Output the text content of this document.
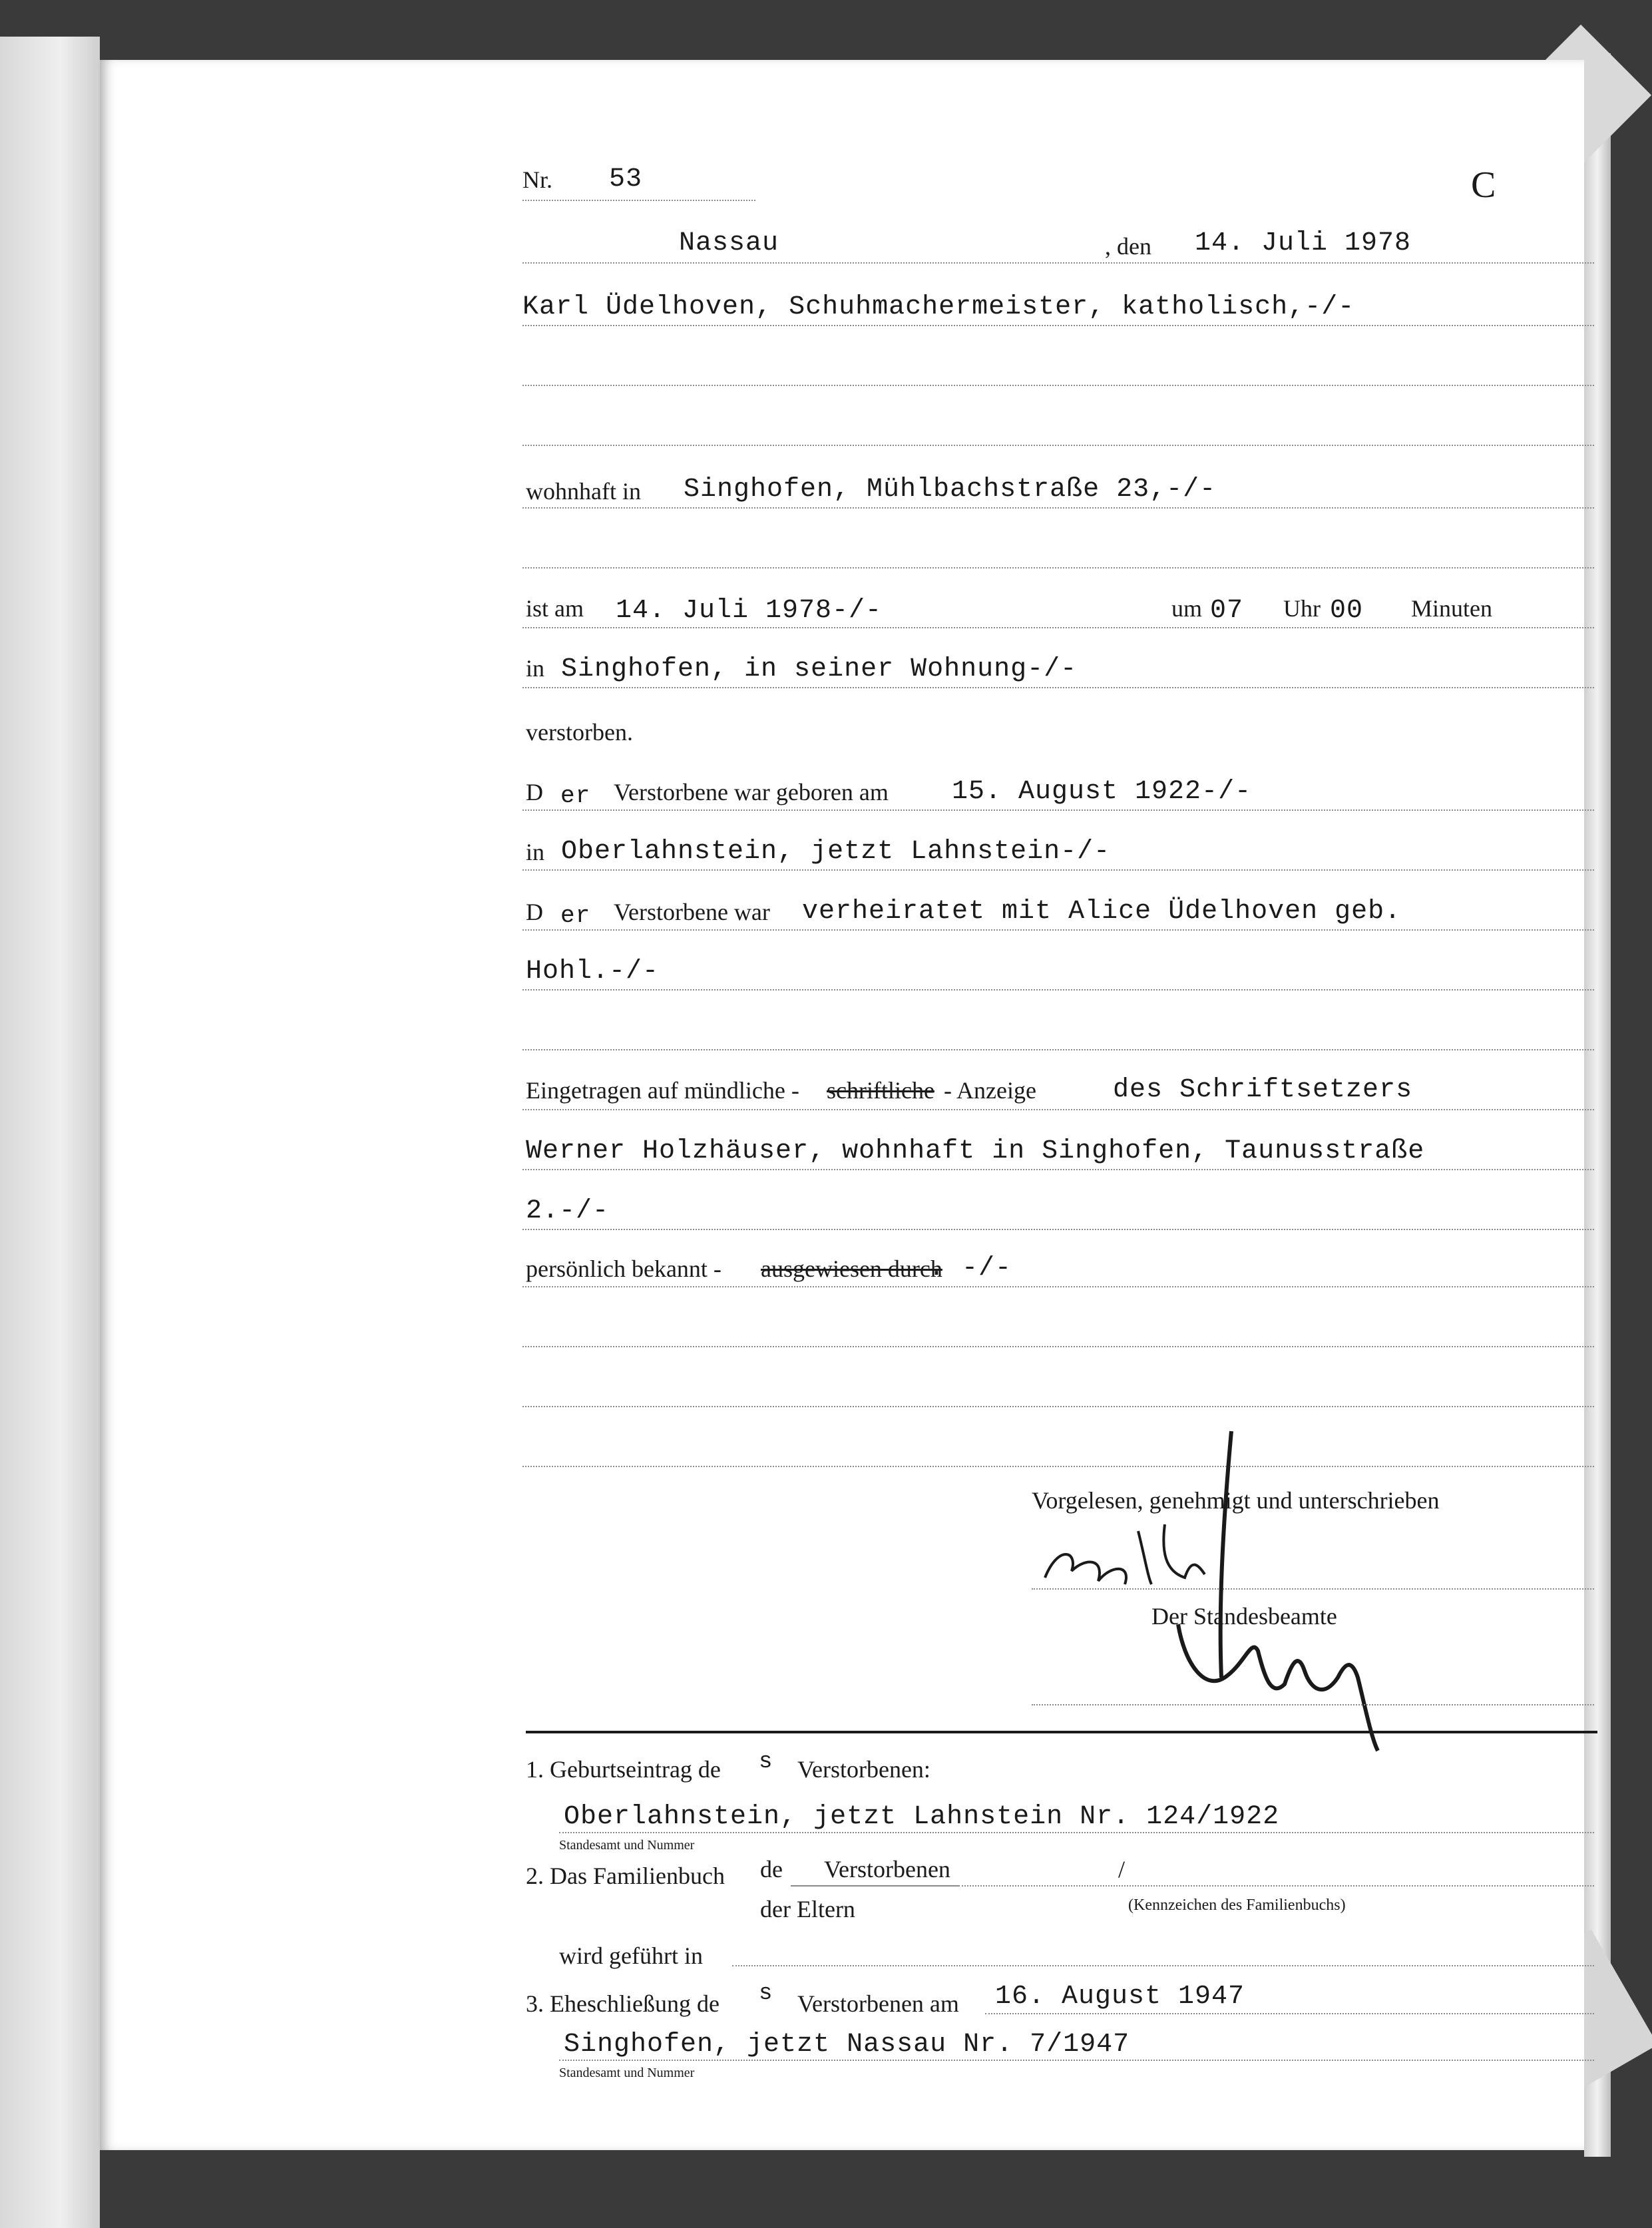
Nr. 53	C
Nassau	, den 14. Juli 1978
Karl Üdelhoven, Schuhmachermeister, katholisch,-/-
wohnhaft in Singhofen, Mühlbachstraße 23,-/-
ist am 14. Juli 1978-/-	um 07 Uhr 00 Minuten
in Singhofen, in seiner Wohnung-/-
verstorben.
D er Verstorbene war geboren am 15. August 1922-/-
in Oberlahnstein, jetzt Lahnstein-/-
D er Verstorbene war verheiratet mit Alice Üdelhoven geb.
Hohl.-/-
Eingetragen auf mündliche - schriftliche - Anzeige	des Schriftsetzers
Werner Holzhäuser, wohnhaft in Singhofen, Taunusstraße
2.-/-
persönlich bekannt - ausgewiesen durch
. -/-
Vorgelesen, genehmigt und unterschrieben
Der Standesbeamte
1. Geburtseintrag de s Verstorbenen:
Oberlahnstein, jetzt Lahnstein Nr. 124/1922
Standesamt und Nummer
2. Das Familienbuch de Verstorbenen	/
der Eltern	(Kennzeichen des Familienbuchs)
wird geführt in
3. Eheschließung de s Verstorbenen am 16. August 1947
Singhofen, jetzt Nassau Nr. 7/1947
Standesamt und Nummer
